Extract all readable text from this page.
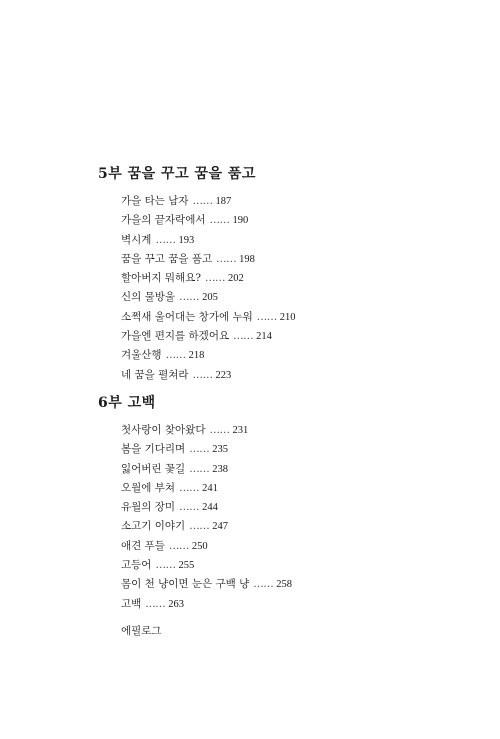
5부 꿈을 꾸고 꿈을 품고
가을 타는 남자 …… 187
가을의 끝자락에서 …… 190
벽시계 …… 193
꿈을 꾸고 꿈을 품고 …… 198
할아버지 뭐해요? …… 202
신의 물방울 …… 205
소쩍새 울어대는 창가에 누워 …… 210
가을엔 편지를 하겠어요 …… 214
겨울산행 …… 218
네 꿈을 펼쳐라 …… 223
6부 고백
첫사랑이 찾아왔다 …… 231
봄을 기다리며 …… 235
잃어버린 꽃길 …… 238
오월에 부쳐 …… 241
유월의 장미 …… 244
소고기 이야기 …… 247
애견 푸들 …… 250
고등어 …… 255
몸이 천 냥이면 눈은 구백 냥 …… 258
고백 …… 263
에필로그
